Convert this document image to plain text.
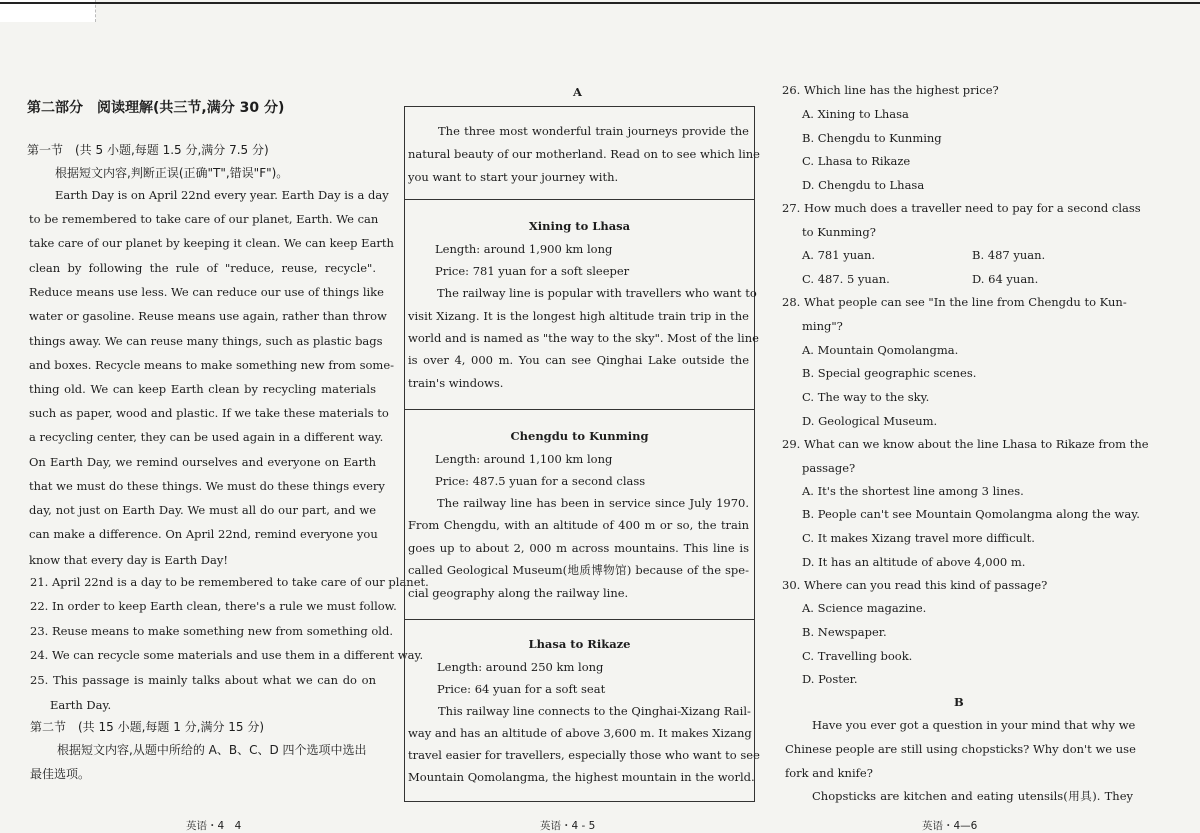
第二部分　阅读理解(共三节,满分 30 分)
第一节　(共 5 小题,每题 1.5 分,满分 7.5 分)
根据短文内容,判断正误(正确"T",错误"F")。
Earth Day is on April 22nd every year. Earth Day is a day
to be remembered to take care of our planet, Earth. We can
take care of our planet by keeping it clean. We can keep Earth
clean by following the rule of "reduce, reuse, recycle".
Reduce means use less. We can reduce our use of things like
water or gasoline. Reuse means use again, rather than throw
things away. We can reuse many things, such as plastic bags
and boxes. Recycle means to make something new from some-
thing old. We can keep Earth clean by recycling materials
such as paper, wood and plastic. If we take these materials to
a recycling center, they can be used again in a different way.
On Earth Day, we remind ourselves and everyone on Earth
that we must do these things. We must do these things every
day, not just on Earth Day. We must all do our part, and we
can make a difference. On April 22nd, remind everyone you
know that every day is Earth Day!
21. April 22nd is a day to be remembered to take care of our planet.
22. In order to keep Earth clean, there's a rule we must follow.
23. Reuse means to make something new from something old.
24. We can recycle some materials and use them in a different way.
25. This passage is mainly talks about what we can do on
Earth Day.
第二节　(共 15 小题,每题 1 分,满分 15 分)
根据短文内容,从题中所给的 A、B、C、D 四个选项中选出
最佳选项。
A
The three most wonderful train journeys provide the
natural beauty of our motherland. Read on to see which line
you want to start your journey with.
Xining to Lhasa
Length: around 1,900 km long
Price: 781 yuan for a soft sleeper
The railway line is popular with travellers who want to
visit Xizang. It is the longest high altitude train trip in the
world and is named as "the way to the sky". Most of the line
is over 4, 000 m. You can see Qinghai Lake outside the
train's windows.
Chengdu to Kunming
Length: around 1,100 km long
Price: 487.5 yuan for a second class
The railway line has been in service since July 1970.
From Chengdu, with an altitude of 400 m or so, the train
goes up to about 2, 000 m across mountains. This line is
called Geological Museum(地质博物馆) because of the spe-
cial geography along the railway line.
Lhasa to Rikaze
Length: around 250 km long
Price: 64 yuan for a soft seat
This railway line connects to the Qinghai-Xizang Rail-
way and has an altitude of above 3,600 m. It makes Xizang
travel easier for travellers, especially those who want to see
Mountain Qomolangma, the highest mountain in the world.
26. Which line has the highest price?
A. Xining to Lhasa
B. Chengdu to Kunming
C. Lhasa to Rikaze
D. Chengdu to Lhasa
27. How much does a traveller need to pay for a second class
to Kunming?
A. 781 yuan.	B. 487 yuan.
C. 487. 5 yuan.	D. 64 yuan.
28. What people can see "In the line from Chengdu to Kun-
ming"?
A. Mountain Qomolangma.
B. Special geographic scenes.
C. The way to the sky.
D. Geological Museum.
29. What can we know about the line Lhasa to Rikaze from the
passage?
A. It's the shortest line among 3 lines.
B. People can't see Mountain Qomolangma along the way.
C. It makes Xizang travel more difficult.
D. It has an altitude of above 4,000 m.
30. Where can you read this kind of passage?
A. Science magazine.
B. Newspaper.
C. Travelling book.
D. Poster.
B
Have you ever got a question in your mind that why we
Chinese people are still using chopsticks? Why don't we use
fork and knife?
Chopsticks are kitchen and eating utensils(用具). They
英语・4　4	英语・4 - 5	英语・4—6
